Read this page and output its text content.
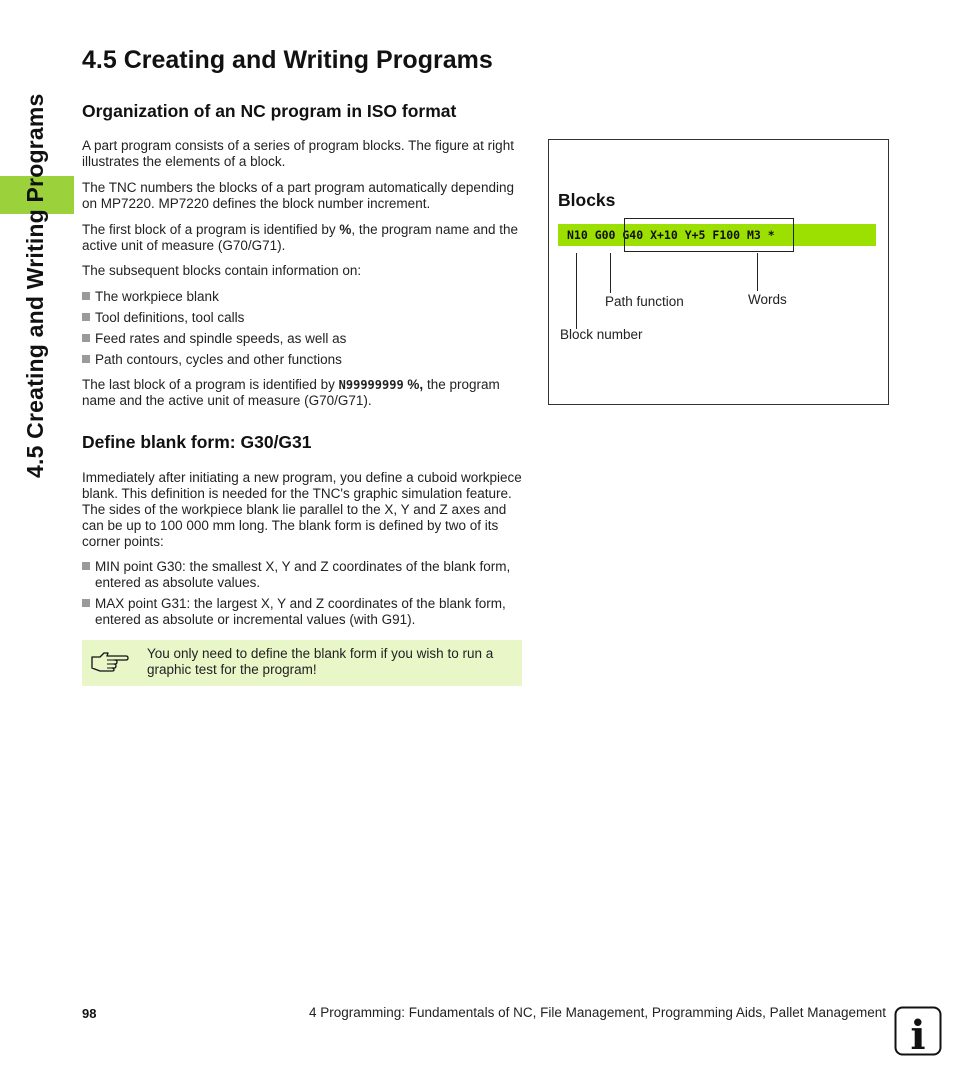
4.5 Creating and Writing Programs
4.5 Creating and Writing Programs
Organization of an NC program in ISO format

A part program consists of a series of program blocks. The figure at right illustrates the elements of a block.

The TNC numbers the blocks of a part program automatically depending on MP7220. MP7220 defines the block number increment.

The first block of a program is identified by %, the program name and the active unit of measure (G70/G71).

The subsequent blocks contain information on:

The workpiece blank
Tool definitions, tool calls
Feed rates and spindle speeds, as well as
Path contours, cycles and other functions

The last block of a program is identified by N99999999 %, the program name and the active unit of measure (G70/G71).

Define blank form: G30/G31

Immediately after initiating a new program, you define a cuboid workpiece blank. This definition is needed for the TNC's graphic simulation feature. The sides of the workpiece blank lie parallel to the X, Y and Z axes and can be up to 100 000 mm long. The blank form is defined by two of its corner points:

MIN point G30: the smallest X, Y and Z coordinates of the blank form, entered as absolute values.
MAX point G31: the largest X, Y and Z coordinates of the blank form, entered as absolute or incremental values (with G91).
You only need to define the blank form if you wish to run a graphic test for the program!
Blocks
N10 G00 G40 X+10 Y+5 F100 M3 *
Path function	Words
Block number
98	4 Programming: Fundamentals of NC, File Management, Programming Aids, Pallet Management i
